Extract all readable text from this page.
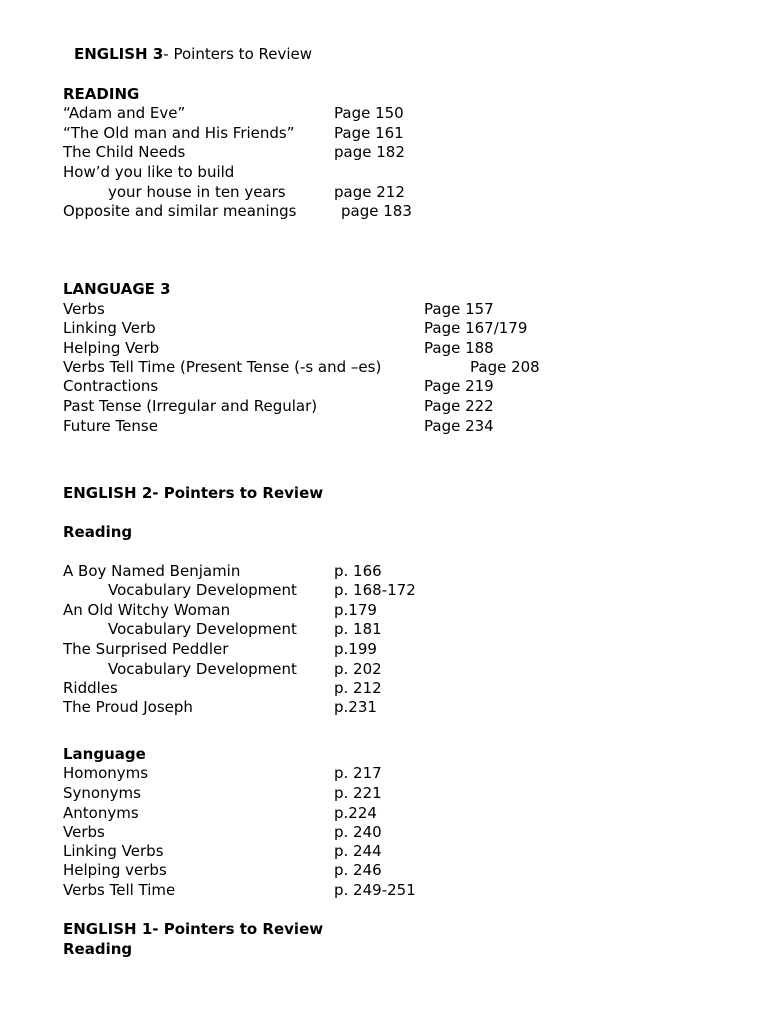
ENGLISH 3- Pointers to Review
READING
“Adam and Eve”	Page 150
“The Old man and His Friends”	Page 161
The Child Needs	page 182
How’d you like to build
your house in ten years	page 212
Opposite and similar meanings	page 183
LANGUAGE 3
Verbs	Page 157
Linking Verb	Page 167/179
Helping Verb	Page 188
Verbs Tell Time (Present Tense (-s and –es)	Page 208
Contractions	Page 219
Past Tense (Irregular and Regular)	Page 222
Future Tense	Page 234
ENGLISH 2- Pointers to Review
Reading
A Boy Named Benjamin	p. 166
Vocabulary Development p. 168-172
An Old Witchy Woman	p.179
Vocabulary Development p. 181
The Surprised Peddler	p.199
Vocabulary Development p. 202
Riddles	p. 212
The Proud Joseph	p.231
Language
Homonyms	p. 217
Synonyms	p. 221
Antonyms	p.224
Verbs	p. 240
Linking Verbs	p. 244
Helping verbs	p. 246
Verbs Tell Time	p. 249-251
ENGLISH 1- Pointers to Review
Reading
